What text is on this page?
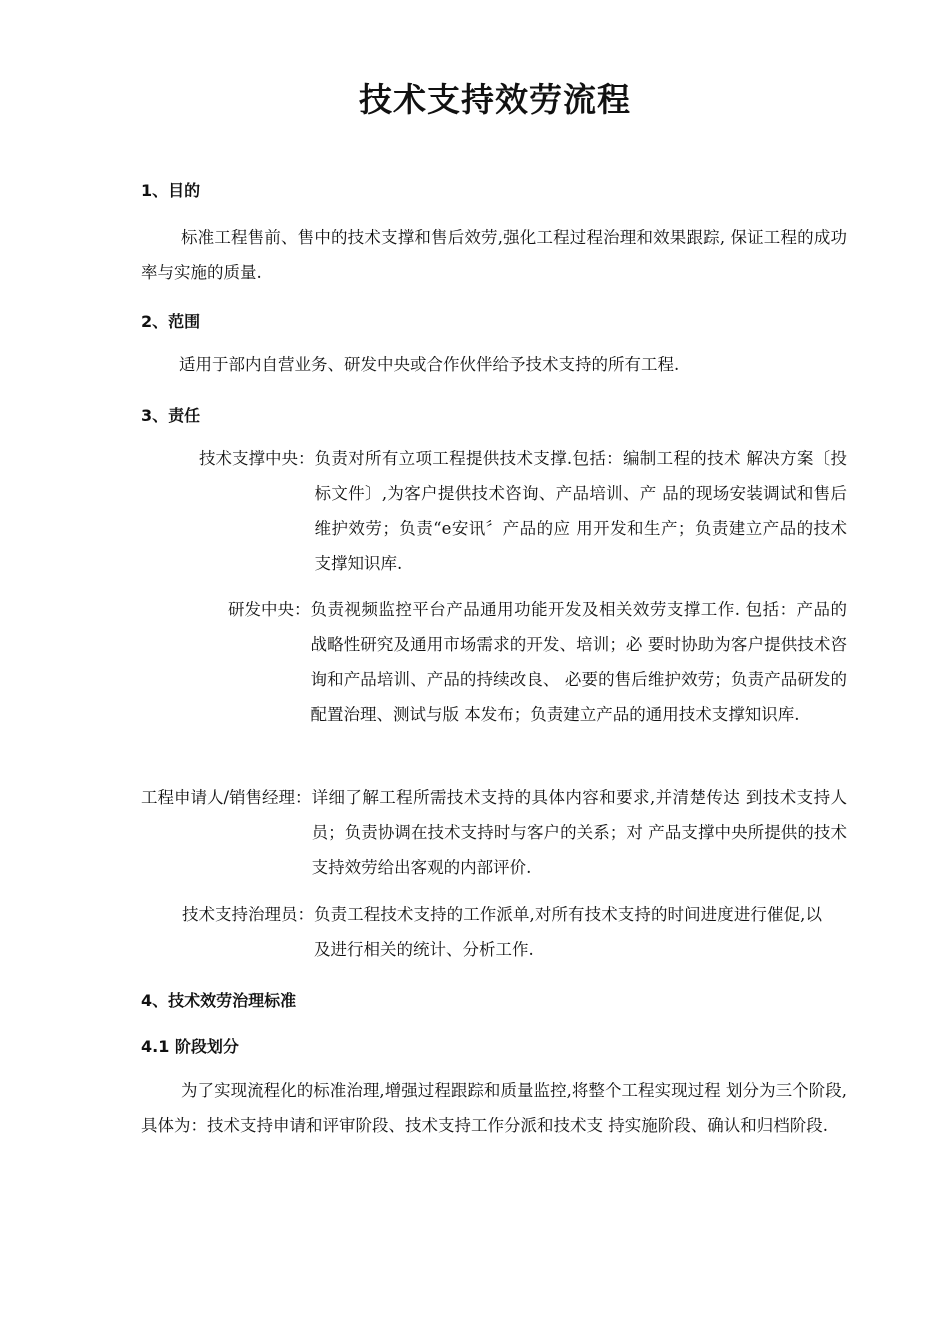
技术支持效劳流程
1、目的

标准工程售前、售中的技术支撑和售后效劳,强化工程过程治理和效果跟踪, 保证工程的成功率与实施的质量.

2、范围

适用于部内自营业务、研发中央或合作伙伴给予技术支持的所有工程.

3、责任
技术支撑中央： 负责对所有立项工程提供技术支撑.包括：编制工程的技术 解决方案〔投标文件〕,为客户提供技术咨询、产品培训、产 品的现场安装调试和售后维护效劳；负责“e安讯〞产品的应 用开发和生产；负责建立产品的技术支撑知识库.
研发中央： 负责视频监控平台产品通用功能开发及相关效劳支撑工作. 包括：产品的战略性研究及通用市场需求的开发、培训；必 要时协助为客户提供技术咨询和产品培训、产品的持续改良、 必要的售后维护效劳；负责产品研发的配置治理、测试与版 本发布；负责建立产品的通用技术支撑知识库.
工程申请人/销售经理： 详细了解工程所需技术支持的具体内容和要求,并清楚传达 到技术支持人员；负责协调在技术支持时与客户的关系；对 产品支撑中央所提供的技术支持效劳给出客观的内部评价.
技术支持治理员： 负责工程技术支持的工作派单,对所有技术支持的时间进度进行催促,以及进行相关的统计、分析工作.
4、技术效劳治理标准
4.1 阶段划分

为了实现流程化的标准治理,增强过程跟踪和质量监控,将整个工程实现过程 划分为三个阶段,具体为：技术支持申请和评审阶段、技术支持工作分派和技术支 持实施阶段、确认和归档阶段.
